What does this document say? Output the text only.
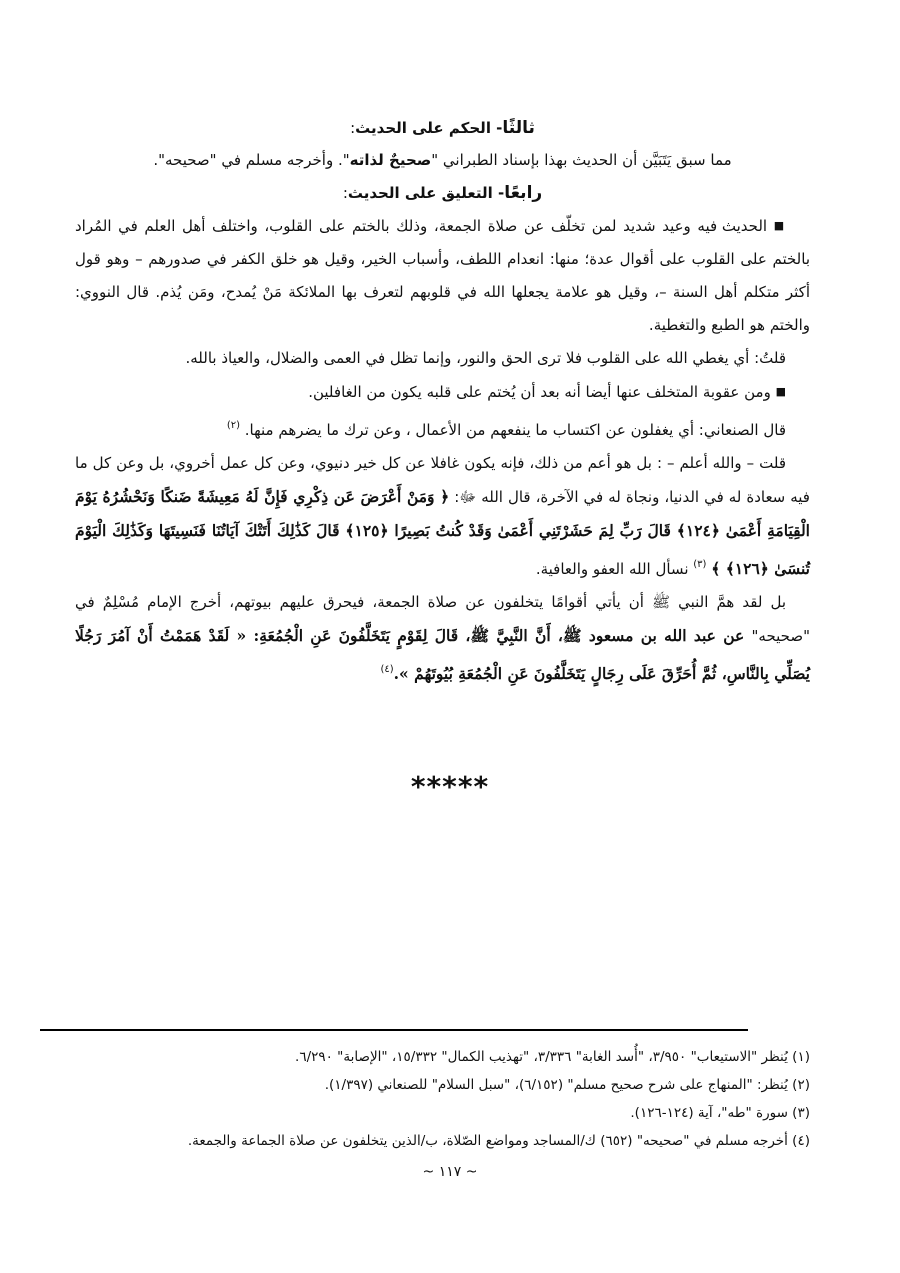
ثالثًا- الحكم على الحديث:

مما سبق يَتَبَيَّن أن الحديث بهذا بإسناد الطبراني "صحيحٌ لذاته". وأخرجه مسلم في "صحيحه".

رابعًا- التعليق على الحديث:

■ الحديث فيه وعيد شديد لمن تخلّف عن صلاة الجمعة، وذلك بالختم على القلوب، واختلف أهل العلم في المُراد بالختم على القلوب على أقوال عدة؛ منها: انعدام اللطف، وأسباب الخير، وقيل هو خلق الكفر في صدورهم – وهو قول أكثر متكلم أهل السنة –، وقيل هو علامة يجعلها الله في قلوبهم لتعرف بها الملائكة مَنْ يُمدح، ومَن يُذم. قال النووي: والختم هو الطبع والتغطية.

قلتُ: أي يغطي الله على القلوب فلا ترى الحق والنور، وإنما تظل في العمى والضلال، والعياذ بالله.

■ ومن عقوبة المتخلف عنها أيضا أنه بعد أن يُختم على قلبه يكون من الغافلين.

قال الصنعاني: أي يغفلون عن اكتساب ما ينفعهم من الأعمال ، وعن ترك ما يضرهم منها. $^{(٢)}$

قلت – والله أعلم – : بل هو أعم من ذلك، فإنه يكون غافلا عن كل خير دنيوي، وعن كل عمل أخروي، بل وعن كل ما فيه سعادة له في الدنيا، ونجاة له في الآخرة، قال الله ﷻ: ﴿ وَمَنْ أَعْرَضَ عَن ذِكْرِي فَإِنَّ لَهُ مَعِيشَةً ضَنكًا وَنَحْشُرُهُ يَوْمَ الْقِيَامَةِ أَعْمَىٰ ﴿١٢٤﴾ قَالَ رَبِّ لِمَ حَشَرْتَنِي أَعْمَىٰ وَقَدْ كُنتُ بَصِيرًا ﴿١٢٥﴾ قَالَ كَذَٰلِكَ أَتَتْكَ آيَاتُنَا فَنَسِيتَهَا وَكَذَٰلِكَ الْيَوْمَ تُنسَىٰ ﴿١٢٦﴾ ﴾ $^{(٣)}$ نسأل الله العفو والعافية.

بل لقد همَّ النبي ﷺ أن يأتي أقوامًا يتخلفون عن صلاة الجمعة، فيحرق عليهم بيوتهم، أخرج الإمام مُسْلِمٌ في "صحيحه" عن عبد الله بن مسعود ﷺ، أَنَّ النَّبِيَّ ﷺ، قَالَ لِقَوْمٍ يَتَخَلَّفُونَ عَنِ الْجُمُعَةِ: « لَقَدْ هَمَمْتُ أَنْ آمُرَ رَجُلًا يُصَلِّي بِالنَّاسِ، ثُمَّ أُحَرِّقَ عَلَى رِجَالٍ يَتَخَلَّفُونَ عَنِ الْجُمُعَةِ بُيُوتَهُمْ ».$^{(٤)}$

*****

(١) يُنظر "الاستيعاب" ٣/٩٥٠، "أُسد الغابة" ٣/٣٣٦، "تهذيب الكمال" ١٥/٣٣٢، "الإصابة" ٦/٢٩٠.

(٢) يُنظر: "المنهاج على شرح صحيح مسلم" (٦/١٥٢)، "سبل السلام" للصنعاني (١/٣٩٧).

(٣) سورة "طه"، آية (١٢٤-١٢٦).

(٤) أخرجه مسلم في "صحيحه" (٦٥٢) ك/المساجد ومواضع الصّلاة، ب/الذين يتخلفون عن صلاة الجماعة والجمعة.

~ ١١٧ ~
